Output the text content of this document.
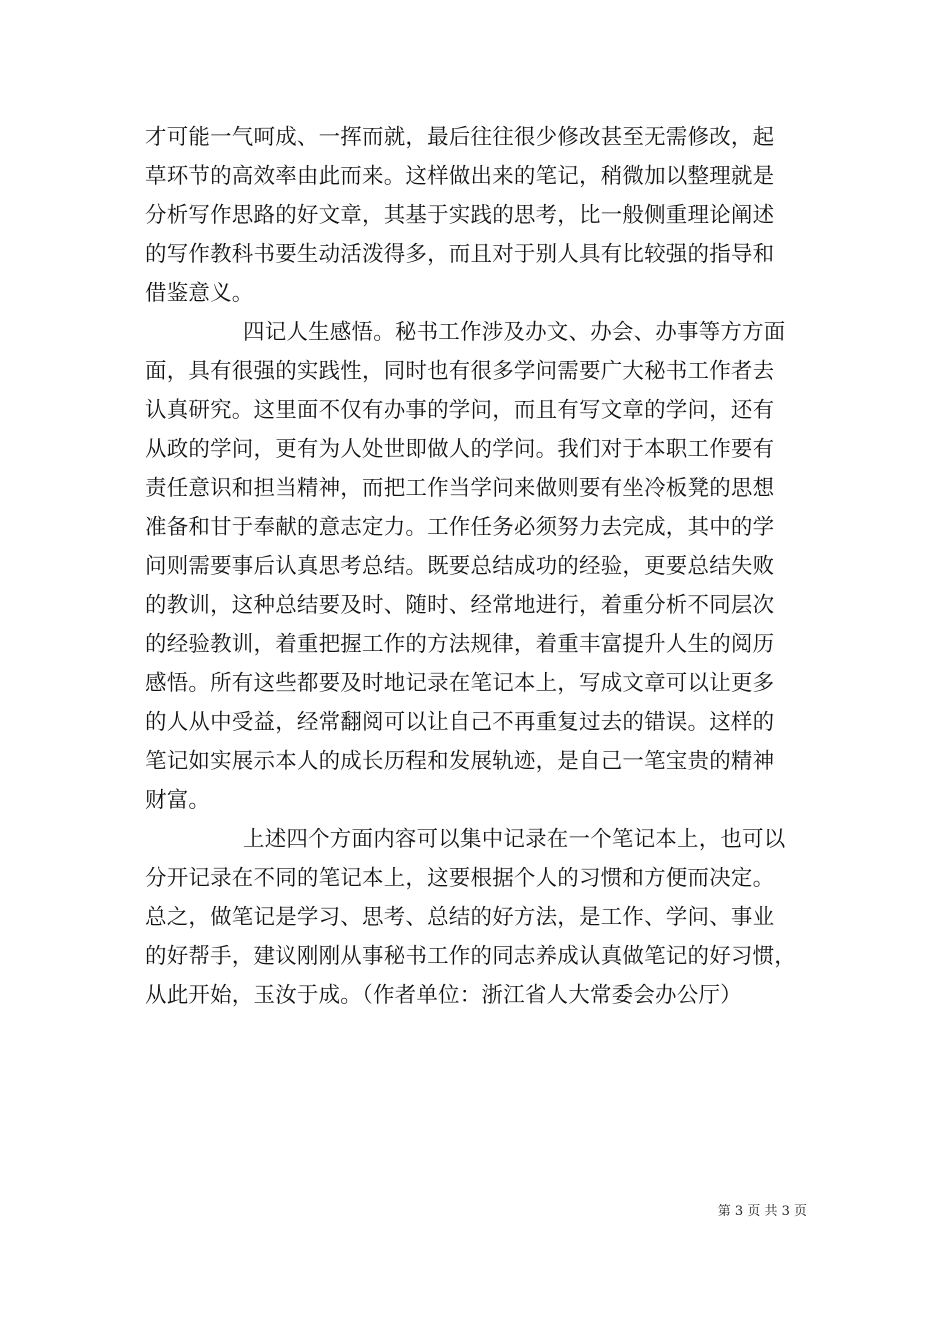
才可能一气呵成、一挥而就，最后往往很少修改甚至无需修改，起
草环节的高效率由此而来。这样做出来的笔记，稍微加以整理就是
分析写作思路的好文章，其基于实践的思考，比一般侧重理论阐述
的写作教科书要生动活泼得多，而且对于别人具有比较强的指导和
借鉴意义。

四记人生感悟。秘书工作涉及办文、办会、办事等方方面
面，具有很强的实践性，同时也有很多学问需要广大秘书工作者去
认真研究。这里面不仅有办事的学问，而且有写文章的学问，还有
从政的学问，更有为人处世即做人的学问。我们对于本职工作要有
责任意识和担当精神，而把工作当学问来做则要有坐冷板凳的思想
准备和甘于奉献的意志定力。工作任务必须努力去完成，其中的学
问则需要事后认真思考总结。既要总结成功的经验，更要总结失败
的教训，这种总结要及时、随时、经常地进行，着重分析不同层次
的经验教训，着重把握工作的方法规律，着重丰富提升人生的阅历
感悟。所有这些都要及时地记录在笔记本上，写成文章可以让更多
的人从中受益，经常翻阅可以让自己不再重复过去的错误。这样的
笔记如实展示本人的成长历程和发展轨迹，是自己一笔宝贵的精神
财富。

上述四个方面内容可以集中记录在一个笔记本上，也可以
分开记录在不同的笔记本上，这要根据个人的习惯和方便而决定。
总之，做笔记是学习、思考、总结的好方法，是工作、学问、事业
的好帮手，建议刚刚从事秘书工作的同志养成认真做笔记的好习惯，
从此开始，玉汝于成。（作者单位：浙江省人大常委会办公厅）

第 3 页 共 3 页
